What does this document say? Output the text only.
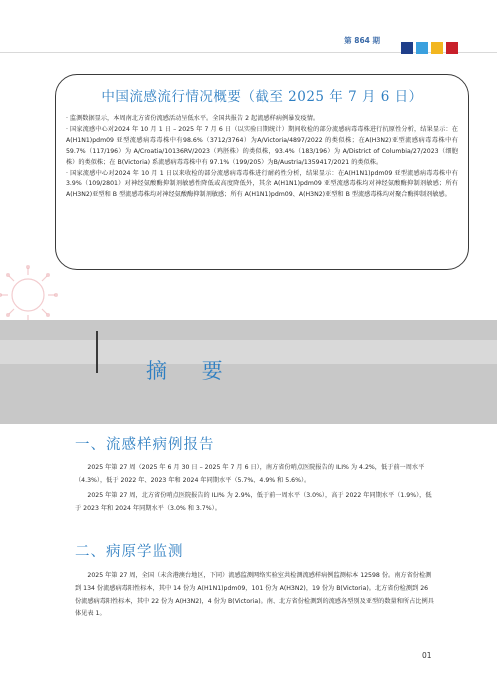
第 864 期
中国流感流行情况概要（截至 2025 年 7 月 6 日）

· 监测数据显示，本周南北方省份流感活动呈低水平。全国共报告 2 起流感样病例暴发疫情。

· 国家流感中心对2024 年 10 月 1 日 – 2025 年 7 月 6 日（以实验日期统计）期间收检的部分流感病毒毒株进行抗原性分析，结果显示：在A(H1N1)pdm09 亚型流感病毒毒株中有98.6%（3712/3764）为A/Victoria/4897/2022 的类似株；在A(H3N2)亚型流感病毒毒株中有59.7%（117/196）为 A/Croatia/10136RV/2023（鸡胚株）的类似株，93.4%（183/196）为 A/District of Columbia/27/2023（细胞株）的类似株；在 B(Victoria) 系流感病毒毒株中有 97.1%（199/205）为B/Austria/1359417/2021 的类似株。

· 国家流感中心对2024 年 10 月 1 日以来收检的部分流感病毒毒株进行耐药性分析，结果显示：在A(H1N1)pdm09 亚型流感病毒毒株中有3.9%（109/2801）对神经氨酸酶抑制剂敏感性降低或高度降低外，其余 A(H1N1)pdm09 亚型流感毒株均对神经氨酸酶抑制剂敏感；所有A(H3N2)亚型和 B 型流感毒株均对神经氨酸酶抑制剂敏感；所有 A(H1N1)pdm09、A(H3N2)亚型和 B 型流感毒株均对聚合酶抑制剂敏感。

摘 要
一、流感样病例报告

2025 年第 27 周（2025 年 6 月 30 日 – 2025 年 7 月 6 日），南方省份哨点医院报告的 ILI% 为 4.2%，低于前一周水平（4.3%），低于 2022 年、2023 年和 2024 年同期水平（5.7%、4.9% 和 5.6%）。

2025 年第 27 周，北方省份哨点医院报告的 ILI% 为 2.9%，低于前一周水平（3.0%），高于 2022 年同期水平（1.9%），低于 2023 年和 2024 年同期水平（3.0% 和 3.7%）。

二、病原学监测

2025 年第 27 周，全国（未含港澳台地区，下同）流感监测网络实验室共检测流感样病例监测标本 12598 份。南方省份检测到 134 份流感病毒阳性标本，其中 14 份为 A(H1N1)pdm09，101 份为 A(H3N2)，19 份为 B(Victoria)。北方省份检测到 26 份流感病毒阳性标本，其中 22 份为 A(H3N2)，4 份为 B(Victoria)。南、北方省份检测到的流感各型别及亚型的数量和所占比例具体见表 1。

01
